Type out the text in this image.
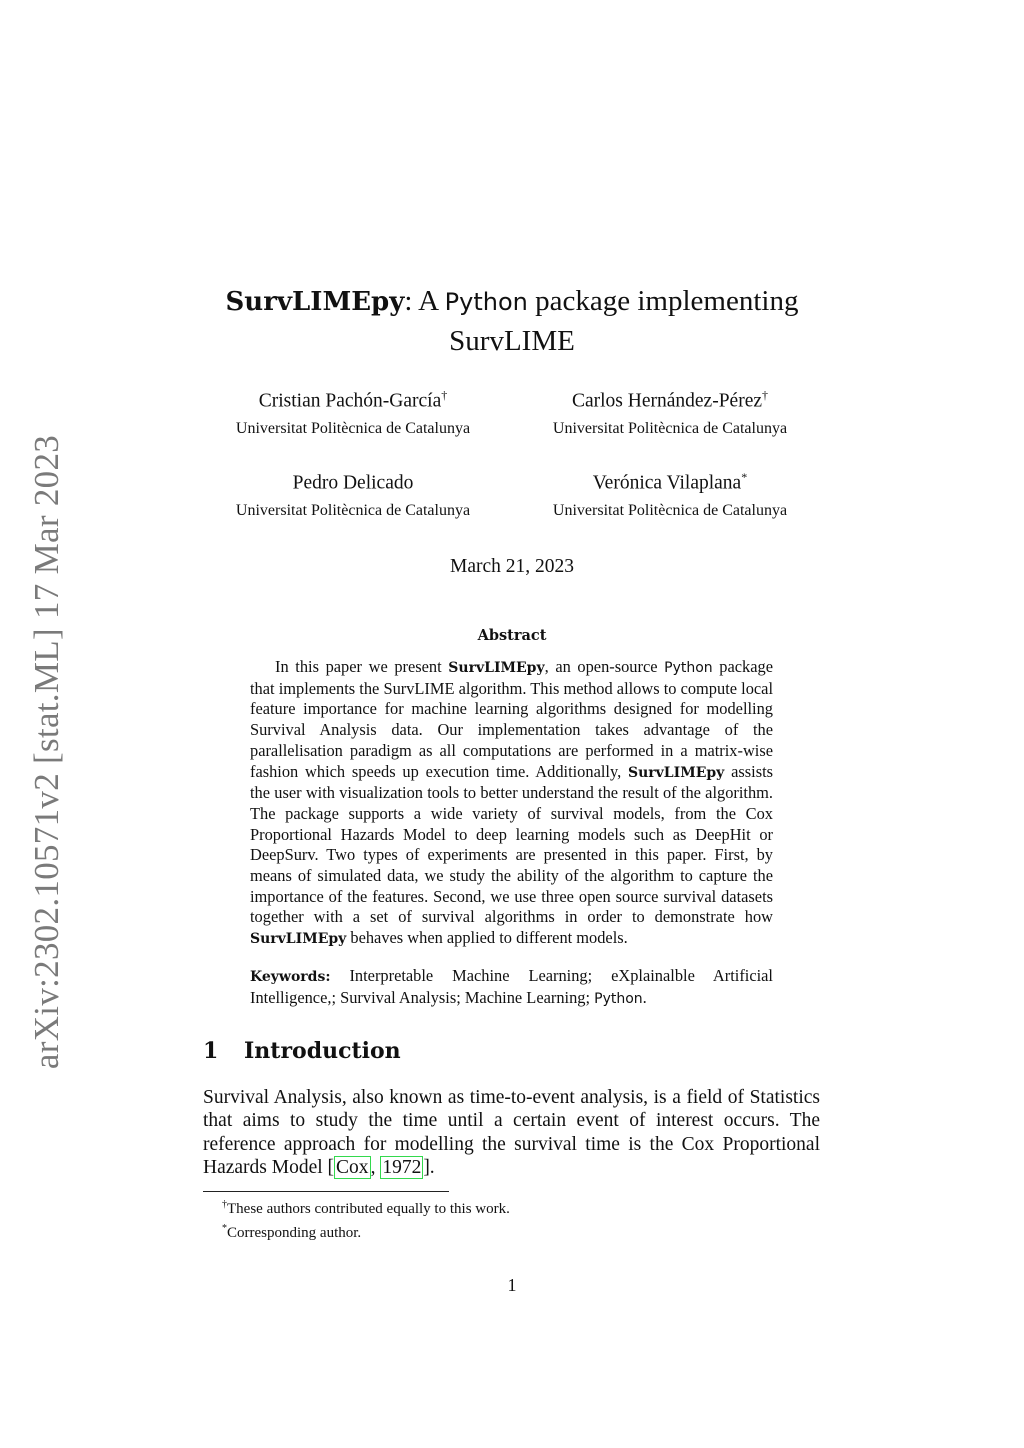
arXiv:2302.10571v2 [stat.ML] 17 Mar 2023
SurvLIMEpy: A Python package implementing
SurvLIME
Cristian Pachón-García†
Universitat Politècnica de Catalunya
Carlos Hernández-Pérez†
Universitat Politècnica de Catalunya
Pedro Delicado
Universitat Politècnica de Catalunya
Verónica Vilaplana*
Universitat Politècnica de Catalunya
March 21, 2023
Abstract
In this paper we present SurvLIMEpy, an open-source Python package that implements the SurvLIME algorithm. This method allows to compute local feature importance for machine learning algorithms designed for modelling Survival Analysis data. Our implementation takes advantage of the parallelisation paradigm as all computations are performed in a matrix-wise fashion which speeds up execution time. Additionally, SurvLIMEpy assists the user with visualization tools to better understand the result of the algorithm. The package supports a wide variety of survival models, from the Cox Proportional Hazards Model to deep learning models such as DeepHit or DeepSurv. Two types of experiments are presented in this paper. First, by means of simulated data, we study the ability of the algorithm to capture the importance of the features. Second, we use three open source survival datasets together with a set of survival algorithms in order to demonstrate how SurvLIMEpy behaves when applied to different models.
Keywords: Interpretable Machine Learning; eXplainalble Artificial Intelligence,; Survival Analysis; Machine Learning; Python.
1 Introduction
Survival Analysis, also known as time-to-event analysis, is a field of Statistics that aims to study the time until a certain event of interest occurs. The reference approach for modelling the survival time is the Cox Proportional Hazards Model [ Cox , 1972 ].
†These authors contributed equally to this work.
*Corresponding author.
1
